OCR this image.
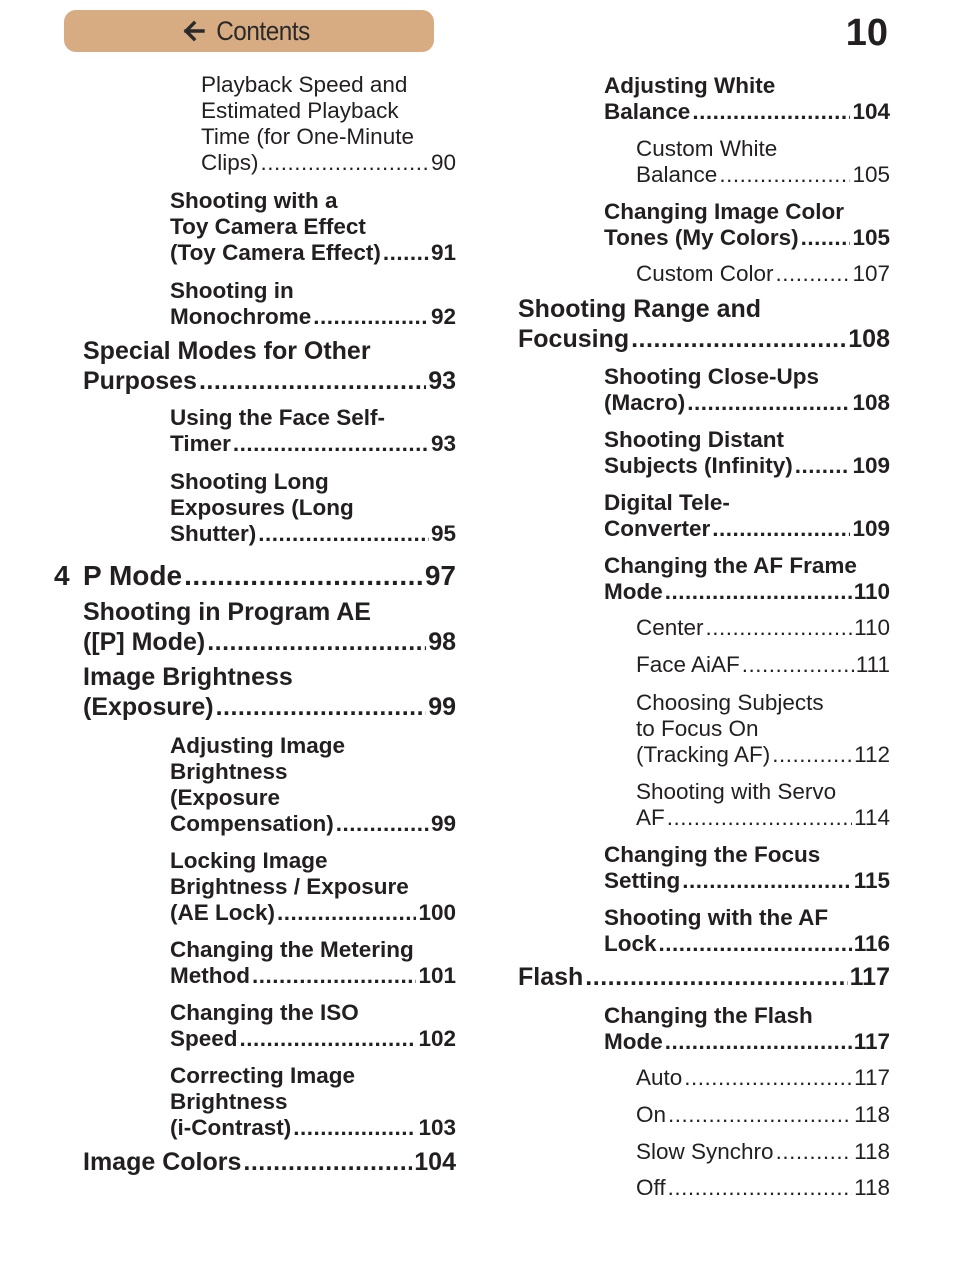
Contents	10
Playback Speed and
Estimated Playback
Time (for One-Minute
Clips) .....	90
Shooting with a
Toy Camera Effect
(Toy Camera Effect) ..... 91
Shooting in
Monochrome .....	92
Special Modes for Other
Purposes .....	93
Using the Face Self-
Timer .....	93
Shooting Long
Exposures (Long
Shutter) .....	95
P Mode .....	97
Shooting in Program AE
([P] Mode) .....	98
Image Brightness
(Exposure) .....	99
Adjusting Image
Brightness
(Exposure
Compensation) .....	99
Locking Image
Brightness / Exposure
(AE Lock) .....	100
Changing the Metering
Method .....	101
Changing the ISO
Speed .....	102
Correcting Image
Brightness
(i-Contrast) .....	103
Image Colors .....	104
Adjusting White
Balance .....	104
Custom White
Balance .....	105
Changing Image Color
Tones (My Colors) ..... 105
Custom Color .....	107
Shooting Range and
Focusing .....	108
Shooting Close-Ups
(Macro) .....	108
Shooting Distant
Subjects (Infinity) .....	109
Digital Tele-
Converter .....	109
Changing the AF Frame
Mode .....	110
Center .....	110
Face AiAF .....	111
Choosing Subjects
to Focus On
(Tracking AF) .....	112
Shooting with Servo
AF .....	114
Changing the Focus
Setting .....	115
Shooting with the AF
Lock .....	116
Flash .....	117
Changing the Flash
Mode .....	117
Auto .....	117
On .....	118
Slow Synchro .....	118
Off .....	118
4
